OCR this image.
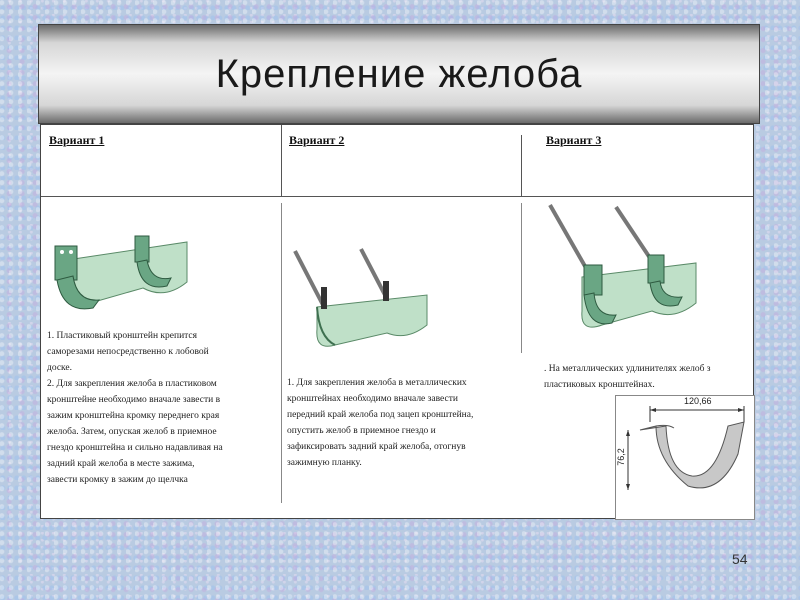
Крепление желоба
Вариант 1	Вариант 2	Вариант 3
1. Пластиковый кронштейн крепится
саморезами непосредственно к лобовой
доске.
2. Для закрепления желоба в пластиковом
кронштейне необходимо вначале завести в
зажим кронштейна кромку переднего края
желоба. Затем, опуская желоб в приемное
гнездо кронштейна и сильно надавливая на
задний край желоба в месте зажима,
завести кромку в зажим до щелчка
1. Для закрепления желоба в металлических
кронштейнах необходимо вначале завести
передний край желоба под зацеп кронштейна,
опустить желоб в приемное гнездо и
зафиксировать задний край желоба, отогнув
зажимную планку.
. На металлических удлинителях желоб з
пластиковых кронштейнах.
120,66
76,2
54
